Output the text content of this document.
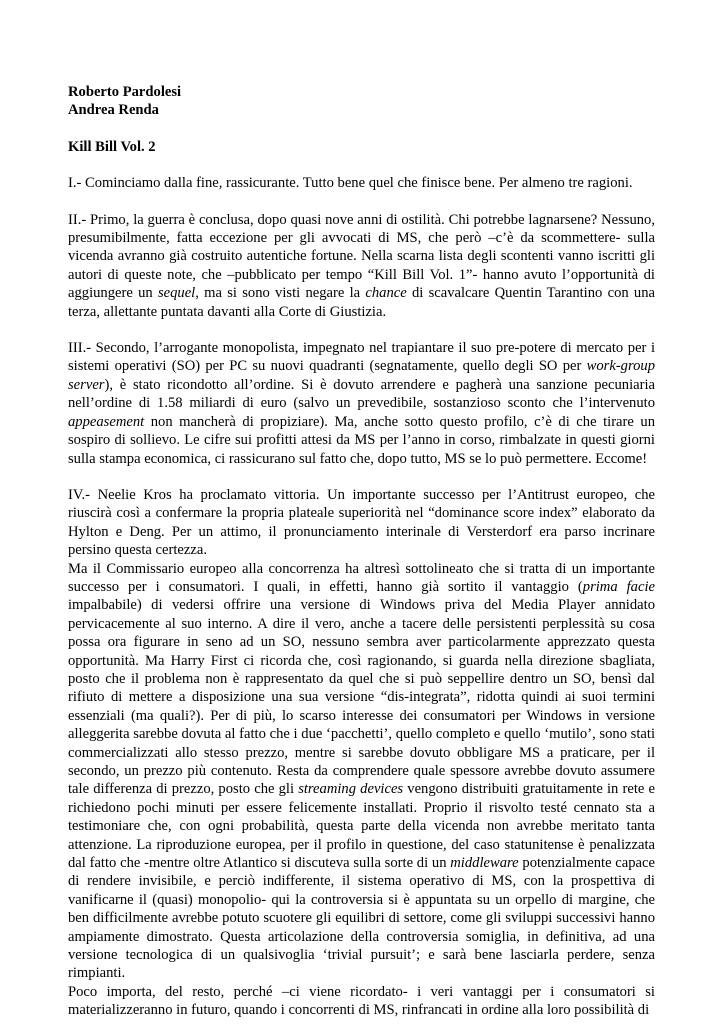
Roberto Pardolesi

Andrea Renda

Kill Bill Vol. 2

I.- Cominciamo dalla fine, rassicurante. Tutto bene quel che finisce bene. Per almeno tre ragioni.

II.- Primo, la guerra è conclusa, dopo quasi nove anni di ostilità. Chi potrebbe lagnarsene? Nessuno, presumibilmente, fatta eccezione per gli avvocati di MS, che però –c’è da scommettere- sulla vicenda avranno già costruito autentiche fortune. Nella scarna lista degli scontenti vanno iscritti gli autori di queste note, che –pubblicato per tempo “Kill Bill Vol. 1”- hanno avuto l’opportunità di aggiungere un sequel, ma si sono visti negare la chance di scavalcare Quentin Tarantino con una terza, allettante puntata davanti alla Corte di Giustizia.

III.- Secondo, l’arrogante monopolista, impegnato nel trapiantare il suo pre-potere di mercato per i sistemi operativi (SO) per PC su nuovi quadranti (segnatamente, quello degli SO per work-group server), è stato ricondotto all’ordine. Si è dovuto arrendere e pagherà una sanzione pecuniaria nell’ordine di 1.58 miliardi di euro (salvo un prevedibile, sostanzioso sconto che l’intervenuto appeasement non mancherà di propiziare). Ma, anche sotto questo profilo, c’è di che tirare un sospiro di sollievo. Le cifre sui profitti attesi da MS per l’anno in corso, rimbalzate in questi giorni sulla stampa economica, ci rassicurano sul fatto che, dopo tutto, MS se lo può permettere. Eccome!

IV.- Neelie Kros ha proclamato vittoria. Un importante successo per l’Antitrust europeo, che riuscirà così a confermare la propria plateale superiorità nel “dominance score index” elaborato da Hylton e Deng. Per un attimo, il pronunciamento interinale di Versterdorf era parso incrinare persino questa certezza.

Ma il Commissario europeo alla concorrenza ha altresì sottolineato che si tratta di un importante successo per i consumatori. I quali, in effetti, hanno già sortito il vantaggio (prima facie impalbabile) di vedersi offrire una versione di Windows priva del Media Player annidato pervicacemente al suo interno. A dire il vero, anche a tacere delle persistenti perplessità su cosa possa ora figurare in seno ad un SO, nessuno sembra aver particolarmente apprezzato questa opportunità. Ma Harry First ci ricorda che, così ragionando, si guarda nella direzione sbagliata, posto che il problema non è rappresentato da quel che si può seppellire dentro un SO, bensì dal rifiuto di mettere a disposizione una sua versione “dis-integrata”, ridotta quindi ai suoi termini essenziali (ma quali?). Per di più, lo scarso interesse dei consumatori per Windows in versione alleggerita sarebbe dovuta al fatto che i due ‘pacchetti’, quello completo e quello ‘mutilo’, sono stati commercializzati allo stesso prezzo, mentre si sarebbe dovuto obbligare MS a praticare, per il secondo, un prezzo più contenuto. Resta da comprendere quale spessore avrebbe dovuto assumere tale differenza di prezzo, posto che gli streaming devices vengono distribuiti gratuitamente in rete e richiedono pochi minuti per essere felicemente installati. Proprio il risvolto testé cennato sta a testimoniare che, con ogni probabilità, questa parte della vicenda non avrebbe meritato tanta attenzione. La riproduzione europea, per il profilo in questione, del caso statunitense è penalizzata dal fatto che -mentre oltre Atlantico si discuteva sulla sorte di un middleware potenzialmente capace di rendere invisibile, e perciò indifferente, il sistema operativo di MS, con la prospettiva di vanificarne il (quasi) monopolio- qui la controversia si è appuntata su un orpello di margine, che ben difficilmente avrebbe potuto scuotere gli equilibri di settore, come gli sviluppi successivi hanno ampiamente dimostrato. Questa articolazione della controversia somiglia, in definitiva, ad una versione tecnologica di un qualsivoglia ‘trivial pursuit’; e sarà bene lasciarla perdere, senza rimpianti.

Poco importa, del resto, perché –ci viene ricordato- i veri vantaggi per i consumatori si materializzeranno in futuro, quando i concorrenti di MS, rinfrancati in ordine alla loro possibilità di
